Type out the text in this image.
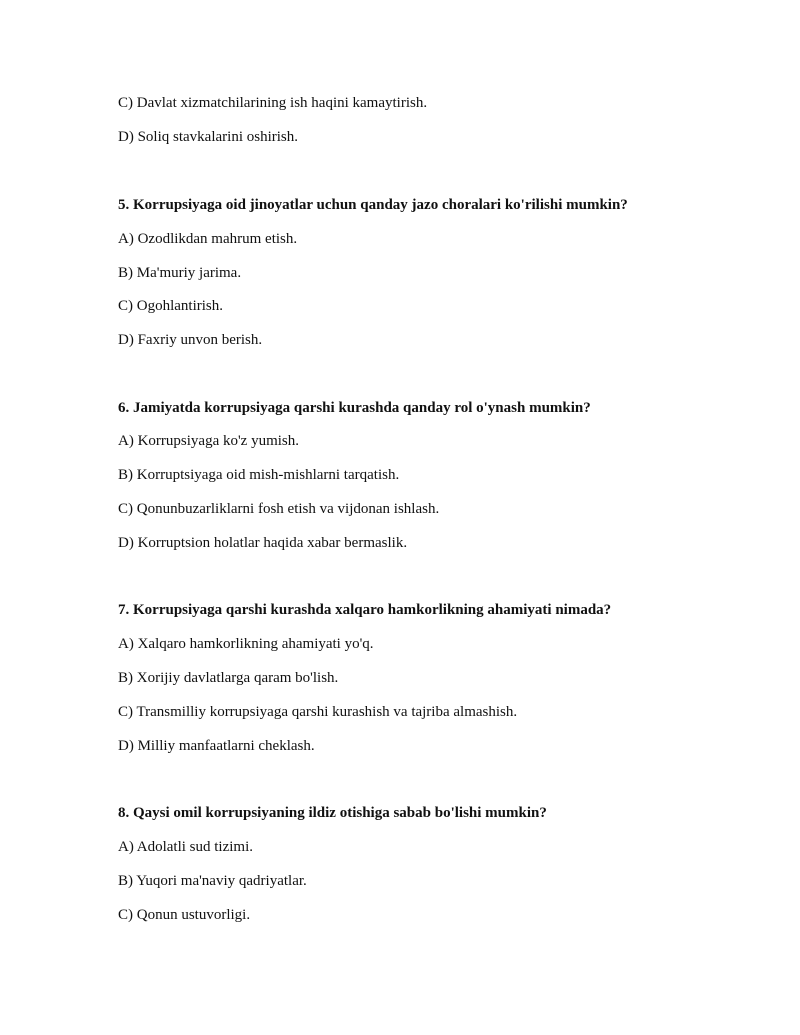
C) Davlat xizmatchilarining ish haqini kamaytirish.
D) Soliq stavkalarini oshirish.
5. Korrupsiyaga oid jinoyatlar uchun qanday jazo choralari ko'rilishi mumkin?
A) Ozodlikdan mahrum etish.
B) Ma'muriy jarima.
C) Ogohlantirish.
D) Faxriy unvon berish.
6. Jamiyatda korrupsiyaga qarshi kurashda qanday rol o'ynash mumkin?
A) Korrupsiyaga ko'z yumish.
B) Korruptsiyaga oid mish-mishlarni tarqatish.
C) Qonunbuzarliklarni fosh etish va vijdonan ishlash.
D) Korruptsion holatlar haqida xabar bermaslik.
7. Korrupsiyaga qarshi kurashda xalqaro hamkorlikning ahamiyati nimada?
A) Xalqaro hamkorlikning ahamiyati yo'q.
B) Xorijiy davlatlarga qaram bo'lish.
C) Transmilliy korrupsiyaga qarshi kurashish va tajriba almashish.
D) Milliy manfaatlarni cheklash.
8. Qaysi omil korrupsiyaning ildiz otishiga sabab bo'lishi mumkin?
A) Adolatli sud tizimi.
B) Yuqori ma'naviy qadriyatlar.
C) Qonun ustuvorligi.
